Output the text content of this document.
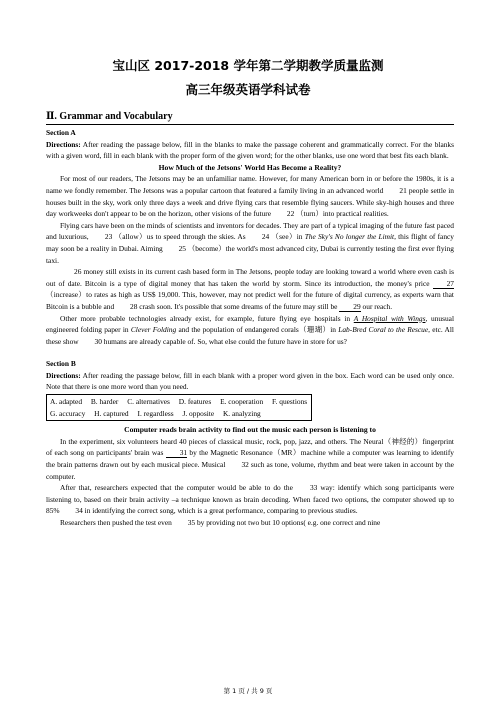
宝山区 2017-2018 学年第二学期教学质量监测
高三年级英语学科试卷
Ⅱ. Grammar and Vocabulary
Section A

Directions: After reading the passage below, fill in the blanks to make the passage coherent and grammatically correct. For the blanks with a given word, fill in each blank with the proper form of the given word; for the other blanks, use one word that best fits each blank.

How Much of the Jetsons' World Has Become a Reality?

For most of our readers, The Jetsons may be an unfamiliar name. However, for many American born in or before the 1980s, it is a name we fondly remember. The Jetsons was a popular cartoon that featured a family living in an advanced world 21 people settle in houses built in the sky, work only three days a week and drive flying cars that resemble flying saucers. While sky-high houses and three day workweeks don't appear to be on the horizon, other visions of the future 22 （turn）into practical realities.

Flying cars have been on the minds of scientists and inventors for decades. They are part of a typical imaging of the future fast paced and luxurious, 23 （allow）us to speed through the skies. As 24 （see）in The Sky's No longer the Limit, this flight of fancy may soon be a reality in Dubai. Aiming 25 （become）the world's most advanced city, Dubai is currently testing the first ever flying taxi.

26 money still exists in its current cash based form in The Jetsons, people today are looking toward a world where even cash is out of date. Bitcoin is a type of digital money that has taken the world by storm. Since its introduction, the money's price 27 （increase）to rates as high as US$ 19,000. This, however, may not predict well for the future of digital currency, as experts warn that Bitcoin is a bubble and 28 crash soon. It's possible that some dreams of the future may still be 29 our reach.

Other more probable technologies already exist, for example, future flying eye hospitals in A Hospital with Wings, unusual engineered folding paper in Clever Folding and the population of endangered corals（珊瑚）in Lab-Bred Coral to the Rescue, etc. All these show 30 humans are already capable of. So, what else could the future have in store for us?

Section B

Directions: After reading the passage below, fill in each blank with a proper word given in the box. Each word can be used only once. Note that there is one more word than you need.

A. adapted B. harder C. alternatives D. features E. cooperation F. questions
G. accuracy H. captured I. regardless J. opposite K. analyzing
Computer reads brain activity to find out the music each person is listening to

In the experiment, six volunteers heard 40 pieces of classical music, rock, pop, jazz, and others. The Neural（神经的）fingerprint of each song on participants' brain was 31 by the Magnetic Resonance（MR）machine while a computer was learning to identify the brain patterns drawn out by each musical piece. Musical 32 such as tone, volume, rhythm and beat were taken in account by the computer.

After that, researchers expected that the computer would be able to do the 33 way: identify which song participants were listening to, based on their brain activity –a technique known as brain decoding. When faced two options, the computer showed up to 85% 34 in identifying the correct song, which is a great performance, comparing to previous studies.

Researchers then pushed the test even 35 by providing not two but 10 options( e.g. one correct and nine

第 1 页 / 共 9 页
